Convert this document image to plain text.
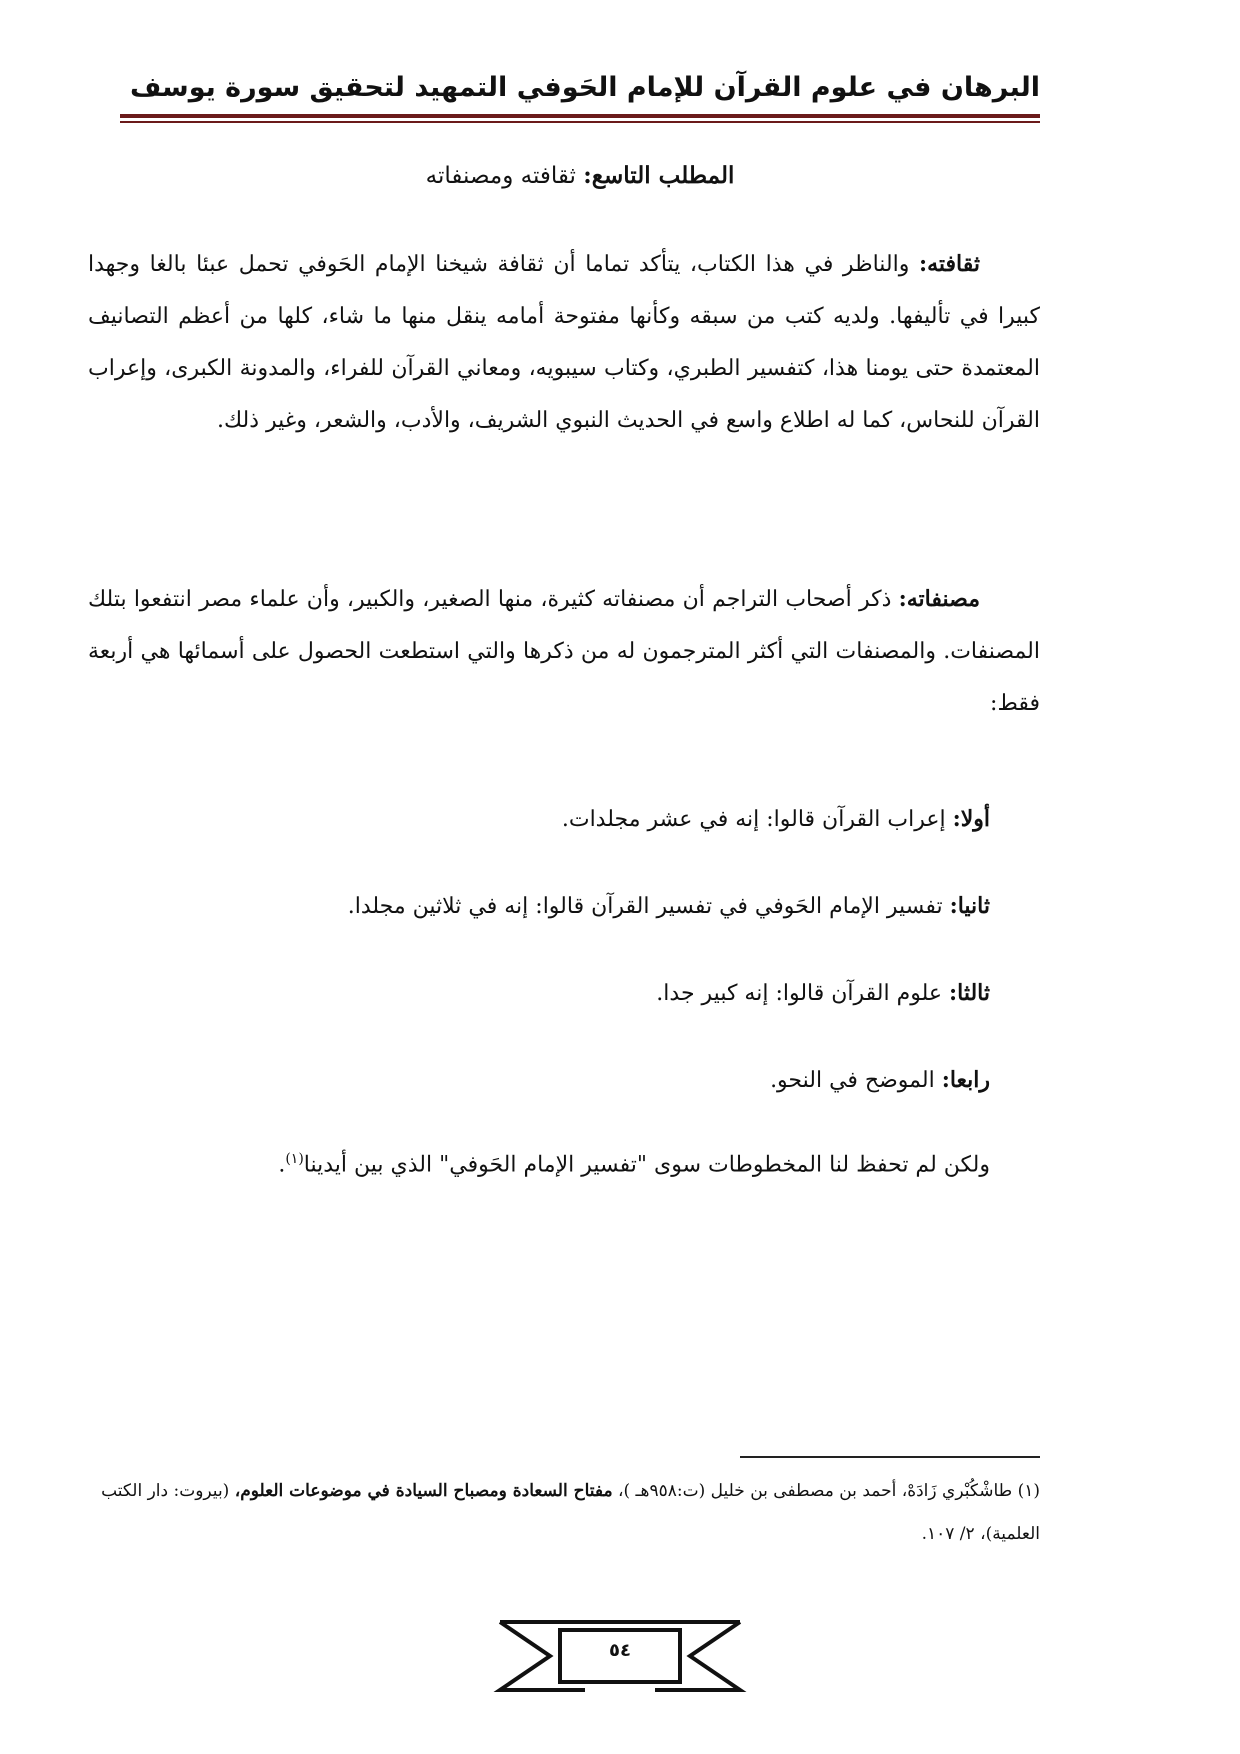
البرهان في علوم القرآن للإمام الحَوفي
التمهيد لتحقيق سورة يوسف
المطلب التاسع: ثقافته ومصنفاته

ثقافته: والناظر في هذا الكتاب، يتأكد تماما أن ثقافة شيخنا الإمام الحَوفي تحمل عبئا بالغا وجهدا كبيرا في تأليفها. ولديه كتب من سبقه وكأنها مفتوحة أمامه ينقل منها ما شاء، كلها من أعظم التصانيف المعتمدة حتى يومنا هذا، كتفسير الطبري، وكتاب سيبويه، ومعاني القرآن للفراء، والمدونة الكبرى، وإعراب القرآن للنحاس، كما له اطلاع واسع في الحديث النبوي الشريف، والأدب، والشعر، وغير ذلك.

مصنفاته: ذكر أصحاب التراجم أن مصنفاته كثيرة، منها الصغير، والكبير، وأن علماء مصر انتفعوا بتلك المصنفات. والمصنفات التي أكثر المترجمون له من ذكرها والتي استطعت الحصول على أسمائها هي أربعة فقط:

أولا: إعراب القرآن قالوا: إنه في عشر مجلدات.

ثانيا: تفسير الإمام الحَوفي في تفسير القرآن قالوا: إنه في ثلاثين مجلدا.

ثالثا: علوم القرآن قالوا: إنه كبير جدا.

رابعا: الموضح في النحو.

ولكن لم تحفظ لنا المخطوطات سوى "تفسير الإمام الحَوفي" الذي بين أيدينا$^{(١)}$.

(١) طاشْكُبْري زَادَهْ، أحمد بن مصطفى بن خليل (ت:٩٥٨هـ )، مفتاح السعادة ومصباح السيادة في موضوعات العلوم، (بيروت: دار الكتب العلمية)، ٢/ ١٠٧.

٥٤
